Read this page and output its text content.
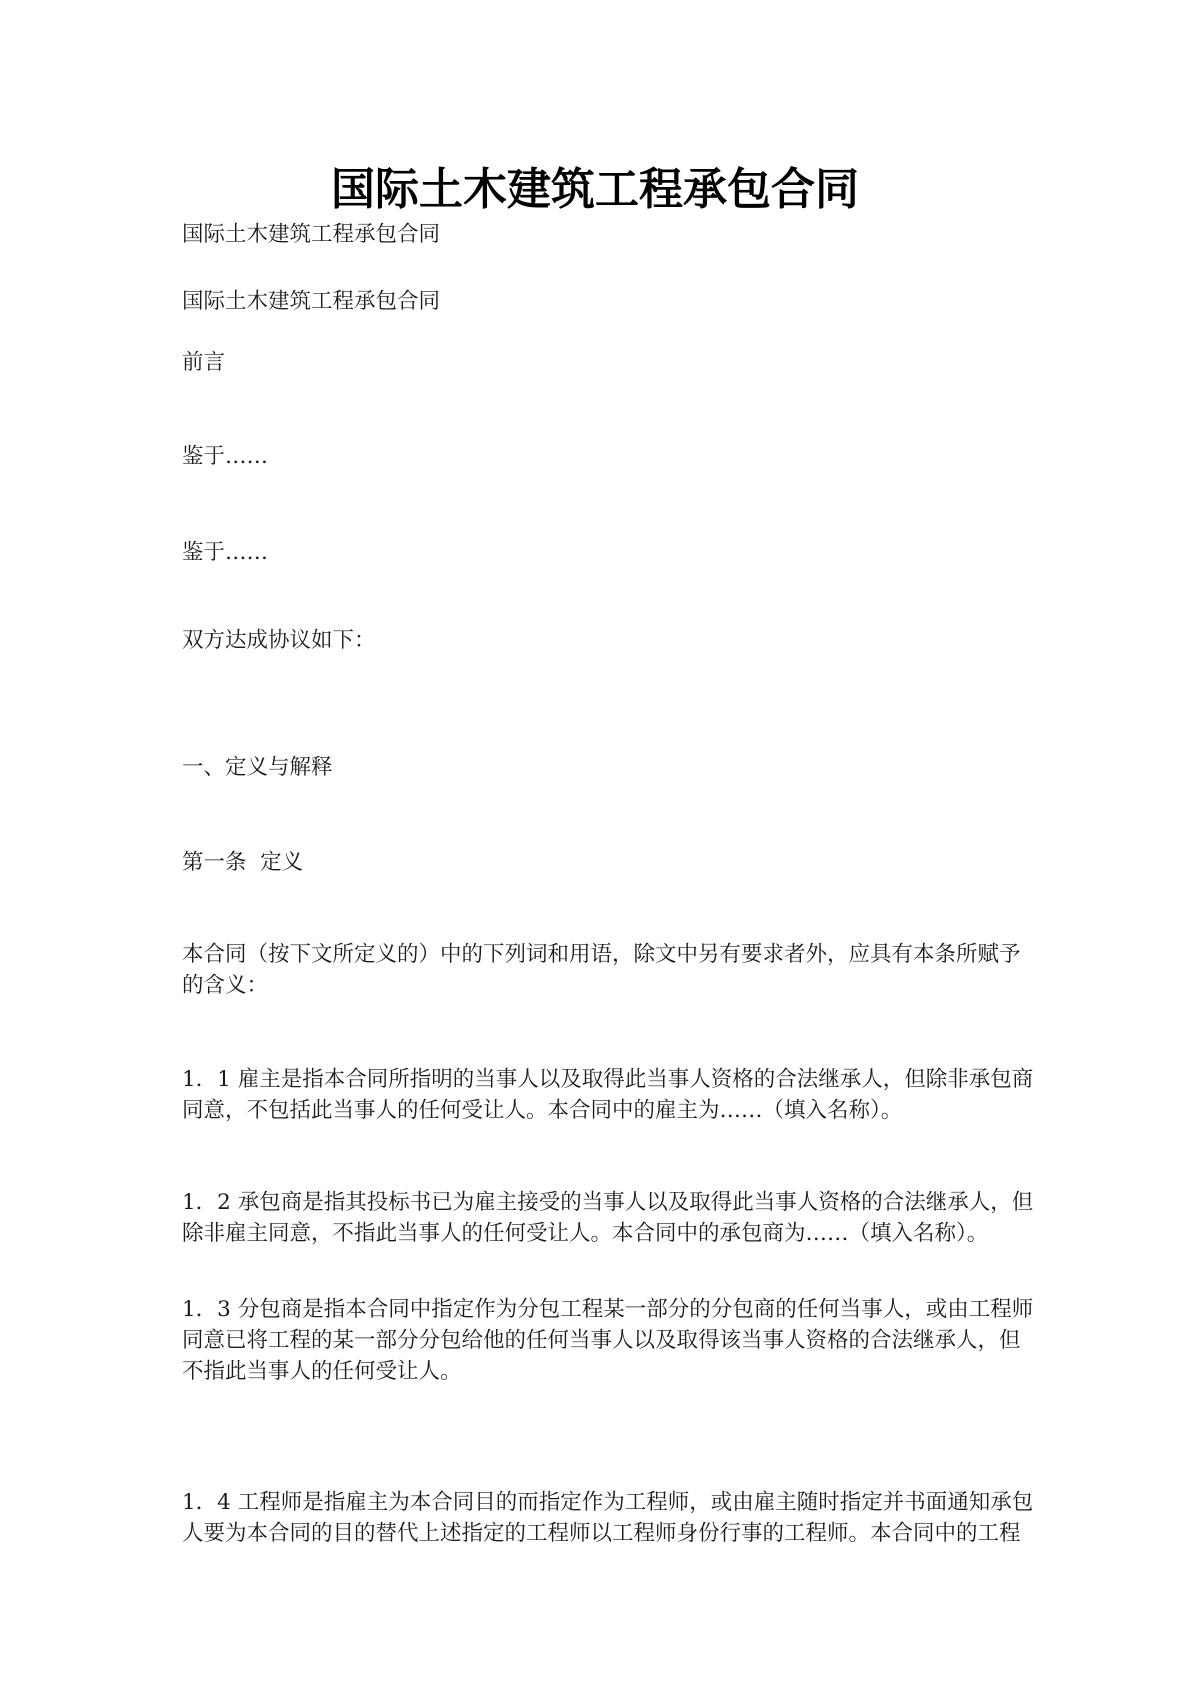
国际土木建筑工程承包合同
国际土木建筑工程承包合同
国际土木建筑工程承包合同
前言
鉴于……
鉴于……
双方达成协议如下：
一、定义与解释
第一条  定义
本合同（按下文所定义的）中的下列词和用语，除文中另有要求者外，应具有本条所赋予
的含义：
1．1 雇主是指本合同所指明的当事人以及取得此当事人资格的合法继承人，但除非承包商
同意，不包括此当事人的任何受让人。本合同中的雇主为……（填入名称）。
1．2 承包商是指其投标书已为雇主接受的当事人以及取得此当事人资格的合法继承人，但
除非雇主同意，不指此当事人的任何受让人。本合同中的承包商为……（填入名称）。
1．3 分包商是指本合同中指定作为分包工程某一部分的分包商的任何当事人，或由工程师
同意已将工程的某一部分分包给他的任何当事人以及取得该当事人资格的合法继承人，但
不指此当事人的任何受让人。
1．4 工程师是指雇主为本合同目的而指定作为工程师，或由雇主随时指定并书面通知承包
人要为本合同的目的替代上述指定的工程师以工程师身份行事的工程师。本合同中的工程
